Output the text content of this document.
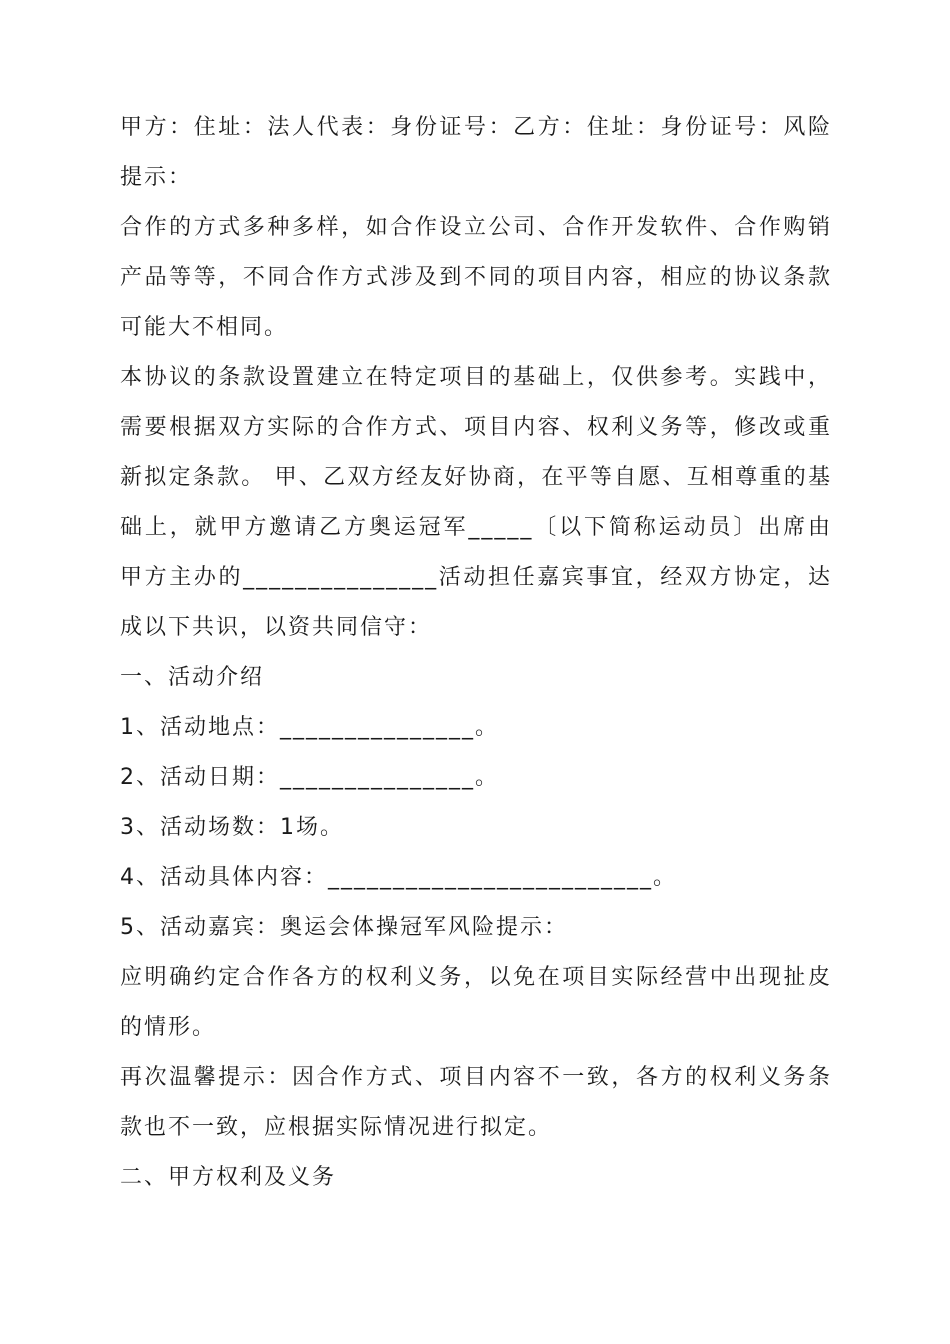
甲方：住址：法人代表：身份证号：乙方：住址：身份证号：风险提示：

合作的方式多种多样，如合作设立公司、合作开发软件、合作购销产品等等，不同合作方式涉及到不同的项目内容，相应的协议条款可能大不相同。

本协议的条款设置建立在特定项目的基础上，仅供参考。实践中，需要根据双方实际的合作方式、项目内容、权利义务等，修改或重新拟定条款。 甲、乙双方经友好协商，在平等自愿、互相尊重的基础上，就甲方邀请乙方奥运冠军_____〔以下简称运动员〕出席由甲方主办的_______________活动担任嘉宾事宜，经双方协定，达成以下共识，以资共同信守：

一、活动介绍

1、活动地点：_______________。

2、活动日期：_______________。

3、活动场数：1场。

4、活动具体内容：_________________________。

5、活动嘉宾：奥运会体操冠军风险提示：

应明确约定合作各方的权利义务，以免在项目实际经营中出现扯皮的情形。

再次温馨提示：因合作方式、项目内容不一致，各方的权利义务条款也不一致，应根据实际情况进行拟定。

二、甲方权利及义务
